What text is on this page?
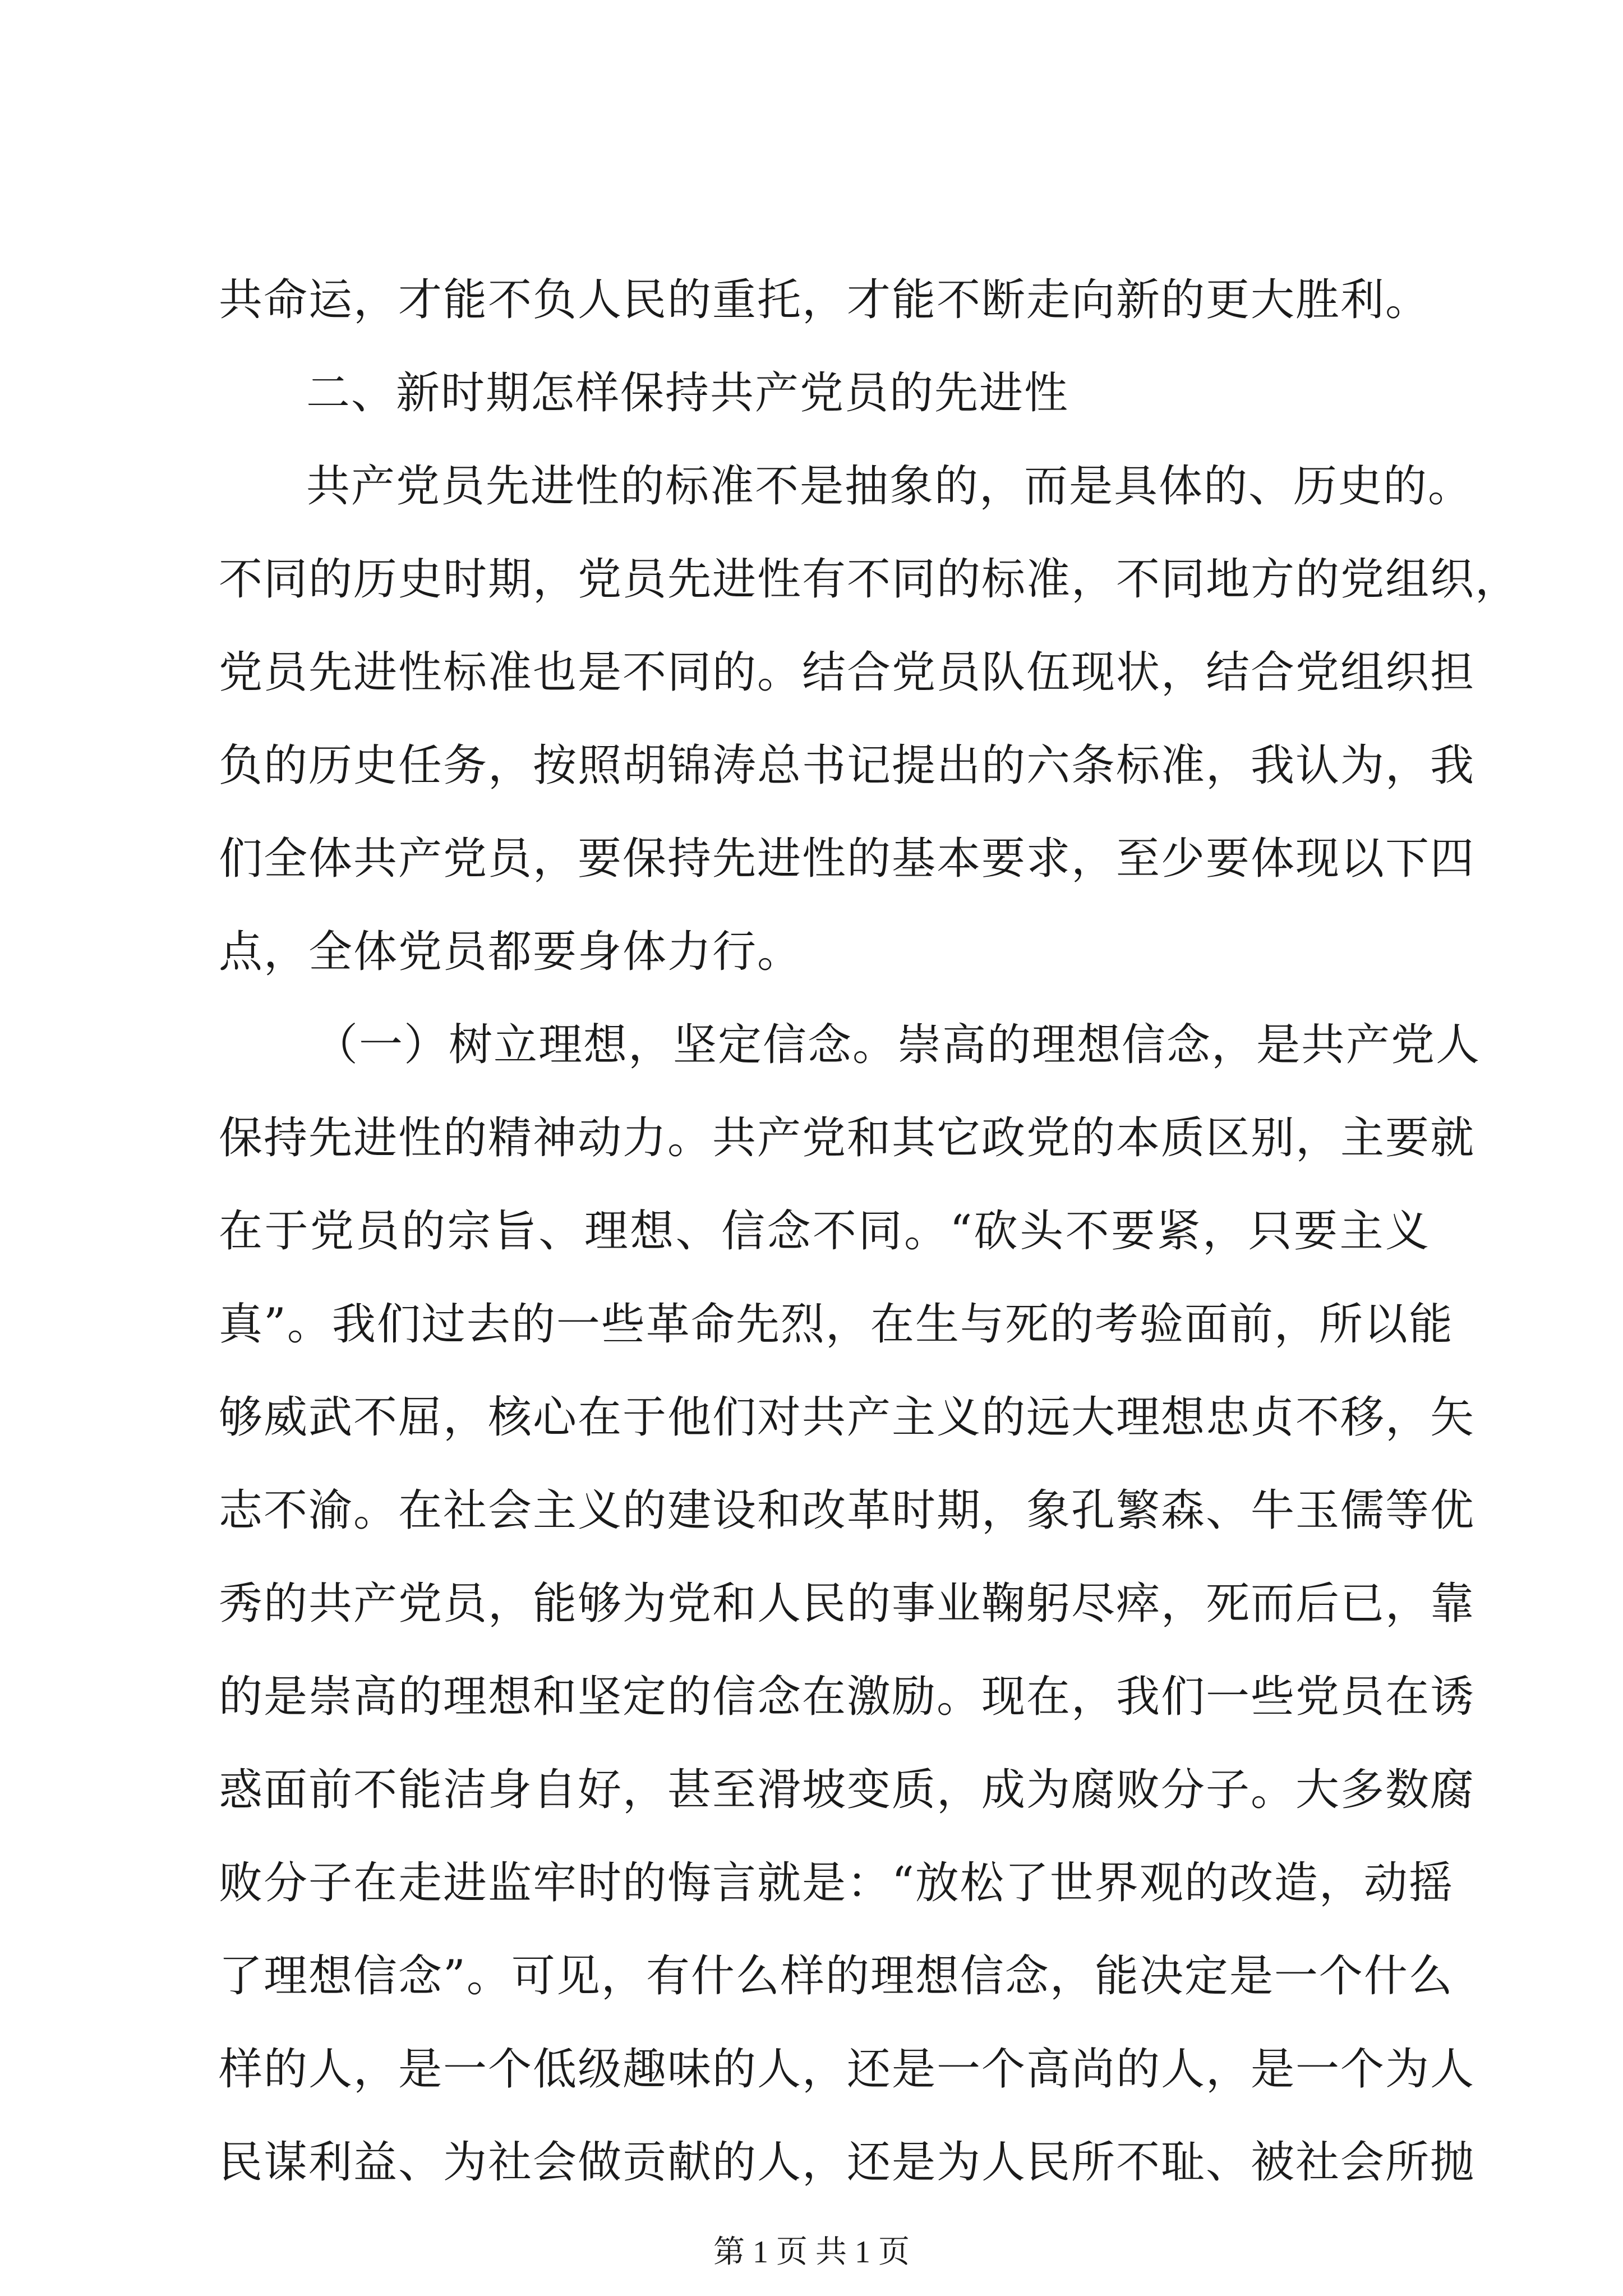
共命运，才能不负人民的重托，才能不断走向新的更大胜利。
二、新时期怎样保持共产党员的先进性
共产党员先进性的标准不是抽象的，而是具体的、历史的。
不同的历史时期，党员先进性有不同的标准，不同地方的党组织，
党员先进性标准也是不同的。结合党员队伍现状，结合党组织担
负的历史任务，按照胡锦涛总书记提出的六条标准，我认为，我
们全体共产党员，要保持先进性的基本要求，至少要体现以下四
点，全体党员都要身体力行。
（一）树立理想，坚定信念。崇高的理想信念，是共产党人
保持先进性的精神动力。共产党和其它政党的本质区别，主要就
在于党员的宗旨、理想、信念不同。“砍头不要紧，只要主义
真”。我们过去的一些革命先烈，在生与死的考验面前，所以能
够威武不屈，核心在于他们对共产主义的远大理想忠贞不移，矢
志不渝。在社会主义的建设和改革时期，象孔繁森、牛玉儒等优
秀的共产党员，能够为党和人民的事业鞠躬尽瘁，死而后已，靠
的是崇高的理想和坚定的信念在激励。现在，我们一些党员在诱
惑面前不能洁身自好，甚至滑坡变质，成为腐败分子。大多数腐
败分子在走进监牢时的悔言就是：“放松了世界观的改造，动摇
了理想信念”。可见，有什么样的理想信念，能决定是一个什么
样的人，是一个低级趣味的人，还是一个高尚的人，是一个为人
民谋利益、为社会做贡献的人，还是为人民所不耻、被社会所抛
第 1 页 共 1 页
